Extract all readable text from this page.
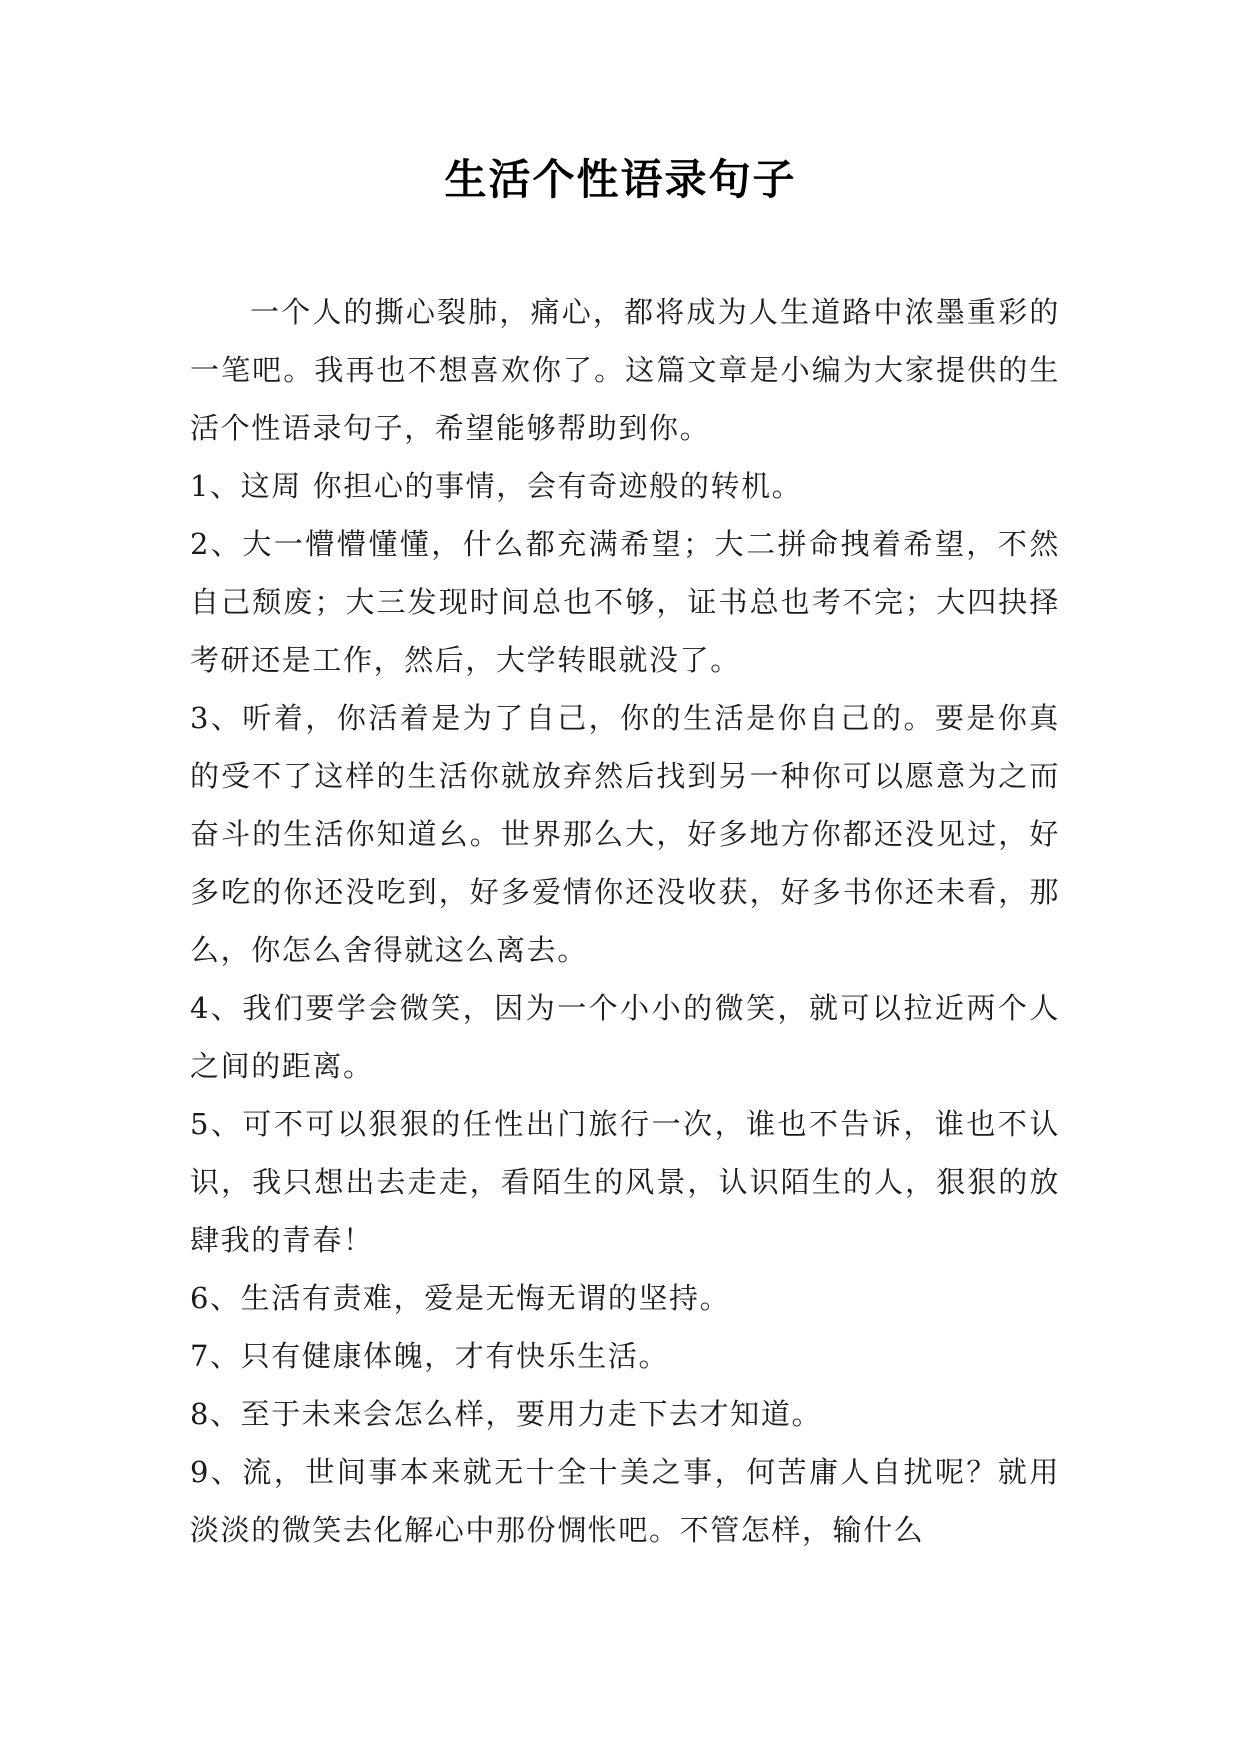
生活个性语录句子

一个人的撕心裂肺，痛心，都将成为人生道路中浓墨重彩的一笔吧。我再也不想喜欢你了。这篇文章是小编为大家提供的生活个性语录句子，希望能够帮助到你。

1、这周 你担心的事情，会有奇迹般的转机。

2、大一懵懵懂懂，什么都充满希望；大二拼命拽着希望，不然自己颓废；大三发现时间总也不够，证书总也考不完；大四抉择考研还是工作，然后，大学转眼就没了。

3、听着，你活着是为了自己，你的生活是你自己的。要是你真的受不了这样的生活你就放弃然后找到另一种你可以愿意为之而奋斗的生活你知道幺。世界那么大，好多地方你都还没见过，好多吃的你还没吃到，好多爱情你还没收获，好多书你还未看，那么，你怎么舍得就这么离去。

4、我们要学会微笑，因为一个小小的微笑，就可以拉近两个人之间的距离。

5、可不可以狠狠的任性出门旅行一次，谁也不告诉，谁也不认识，我只想出去走走，看陌生的风景，认识陌生的人，狠狠的放肆我的青春！

6、生活有责难，爱是无悔无谓的坚持。

7、只有健康体魄，才有快乐生活。

8、至于未来会怎么样，要用力走下去才知道。

9、流，世间事本来就无十全十美之事，何苦庸人自扰呢？就用淡淡的微笑去化解心中那份惆怅吧。不管怎样，输什么
